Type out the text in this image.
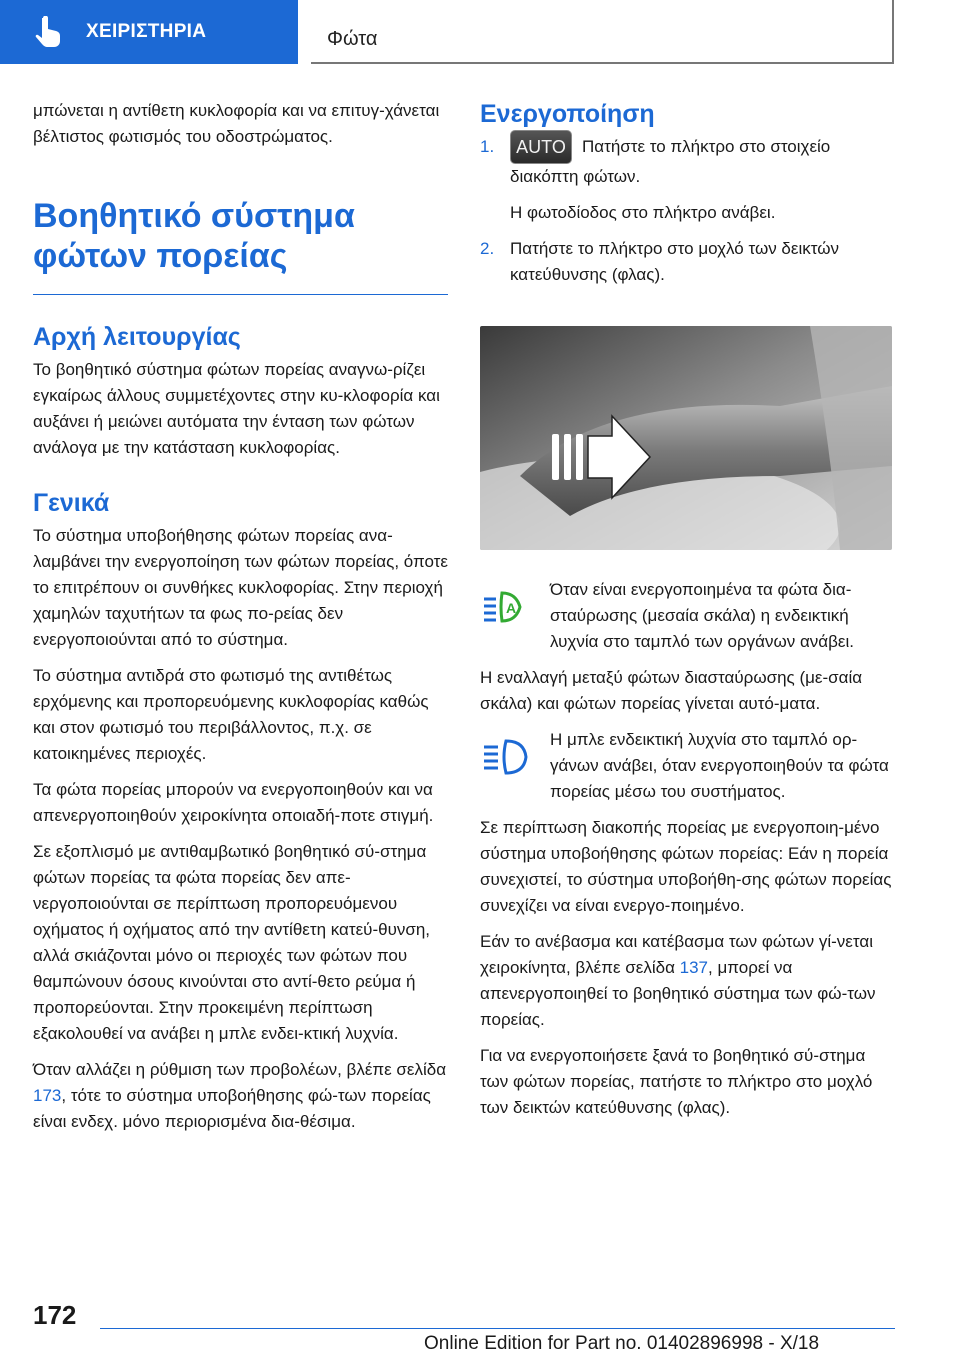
ΧΕΙΡΙΣΤΗΡΙΑ	Φώτα

μπώνεται η αντίθετη κυκλοφορία και να επιτυγ-χάνεται βέλτιστος φωτισμός του οδοστρώματος.

Βοηθητικό σύστημα φώτων πορείας
Αρχή λειτουργίας

Το βοηθητικό σύστημα φώτων πορείας αναγνω-ρίζει εγκαίρως άλλους συμμετέχοντες στην κυ-κλοφορία και αυξάνει ή μειώνει αυτόματα την ένταση των φώτων ανάλογα με την κατάσταση κυκλοφορίας.

Γενικά

Το σύστημα υποβοήθησης φώτων πορείας ανα-λαμβάνει την ενεργοποίηση των φώτων πορείας, όποτε το επιτρέπουν οι συνθήκες κυκλοφορίας. Στην περιοχή χαμηλών ταχυτήτων τα φως πο-ρείας δεν ενεργοποιούνται από το σύστημα.

Το σύστημα αντιδρά στο φωτισμό της αντιθέτως ερχόμενης και προπορευόμενης κυκλοφορίας καθώς και στον φωτισμό του περιβάλλοντος, π.χ. σε κατοικημένες περιοχές.

Τα φώτα πορείας μπορούν να ενεργοποιηθούν και να απενεργοποιηθούν χειροκίνητα οποιαδή-ποτε στιγμή.

Σε εξοπλισμό με αντιθαμβωτικό βοηθητικό σύ-στημα φώτων πορείας τα φώτα πορείας δεν απε-νεργοποιούνται σε περίπτωση προπορευόμενου οχήματος ή οχήματος από την αντίθετη κατεύ-θυνση, αλλά σκιάζονται μόνο οι περιοχές των φώτων που θαμπώνουν όσους κινούνται στο αντί-θετο ρεύμα ή προπορεύονται. Στην προκειμένη περίπτωση εξακολουθεί να ανάβει η μπλε ενδει-κτική λυχνία.

Όταν αλλάζει η ρύθμιση των προβολέων, βλέπε σελίδα 173, τότε το σύστημα υποβοήθησης φώ-των πορείας είναι ενδεχ. μόνο περιορισμένα δια-θέσιμα.

Ενεργοποίηση

1. AUTO Πατήστε το πλήκτρο στο στοιχείο διακόπτη φώτων.

Η φωτοδίοδος στο πλήκτρο ανάβει.

2. Πατήστε το πλήκτρο στο μοχλό των δεικτών κατεύθυνσης (φλας).

A

Όταν είναι ενεργοποιημένα τα φώτα δια-σταύρωσης (μεσαία σκάλα) η ενδεικτική λυχνία στο ταμπλό των οργάνων ανάβει.

Η εναλλαγή μεταξύ φώτων διασταύρωσης (με-σαία σκάλα) και φώτων πορείας γίνεται αυτό-ματα.

Η μπλε ενδεικτική λυχνία στο ταμπλό ορ-γάνων ανάβει, όταν ενεργοποιηθούν τα φώτα πορείας μέσω του συστήματος.

Σε περίπτωση διακοπής πορείας με ενεργοποιη-μένο σύστημα υποβοήθησης φώτων πορείας: Εάν η πορεία συνεχιστεί, το σύστημα υποβοήθη-σης φώτων πορείας συνεχίζει να είναι ενεργο-ποιημένο.

Εάν το ανέβασμα και κατέβασμα των φώτων γί-νεται χειροκίνητα, βλέπε σελίδα 137, μπορεί να απενεργοποιηθεί το βοηθητικό σύστημα των φώ-των πορείας.

Για να ενεργοποιήσετε ξανά το βοηθητικό σύ-στημα των φώτων πορείας, πατήστε το πλήκτρο στο μοχλό των δεικτών κατεύθυνσης (φλας).

172
Online Edition for Part no. 01402896998 - X/18
